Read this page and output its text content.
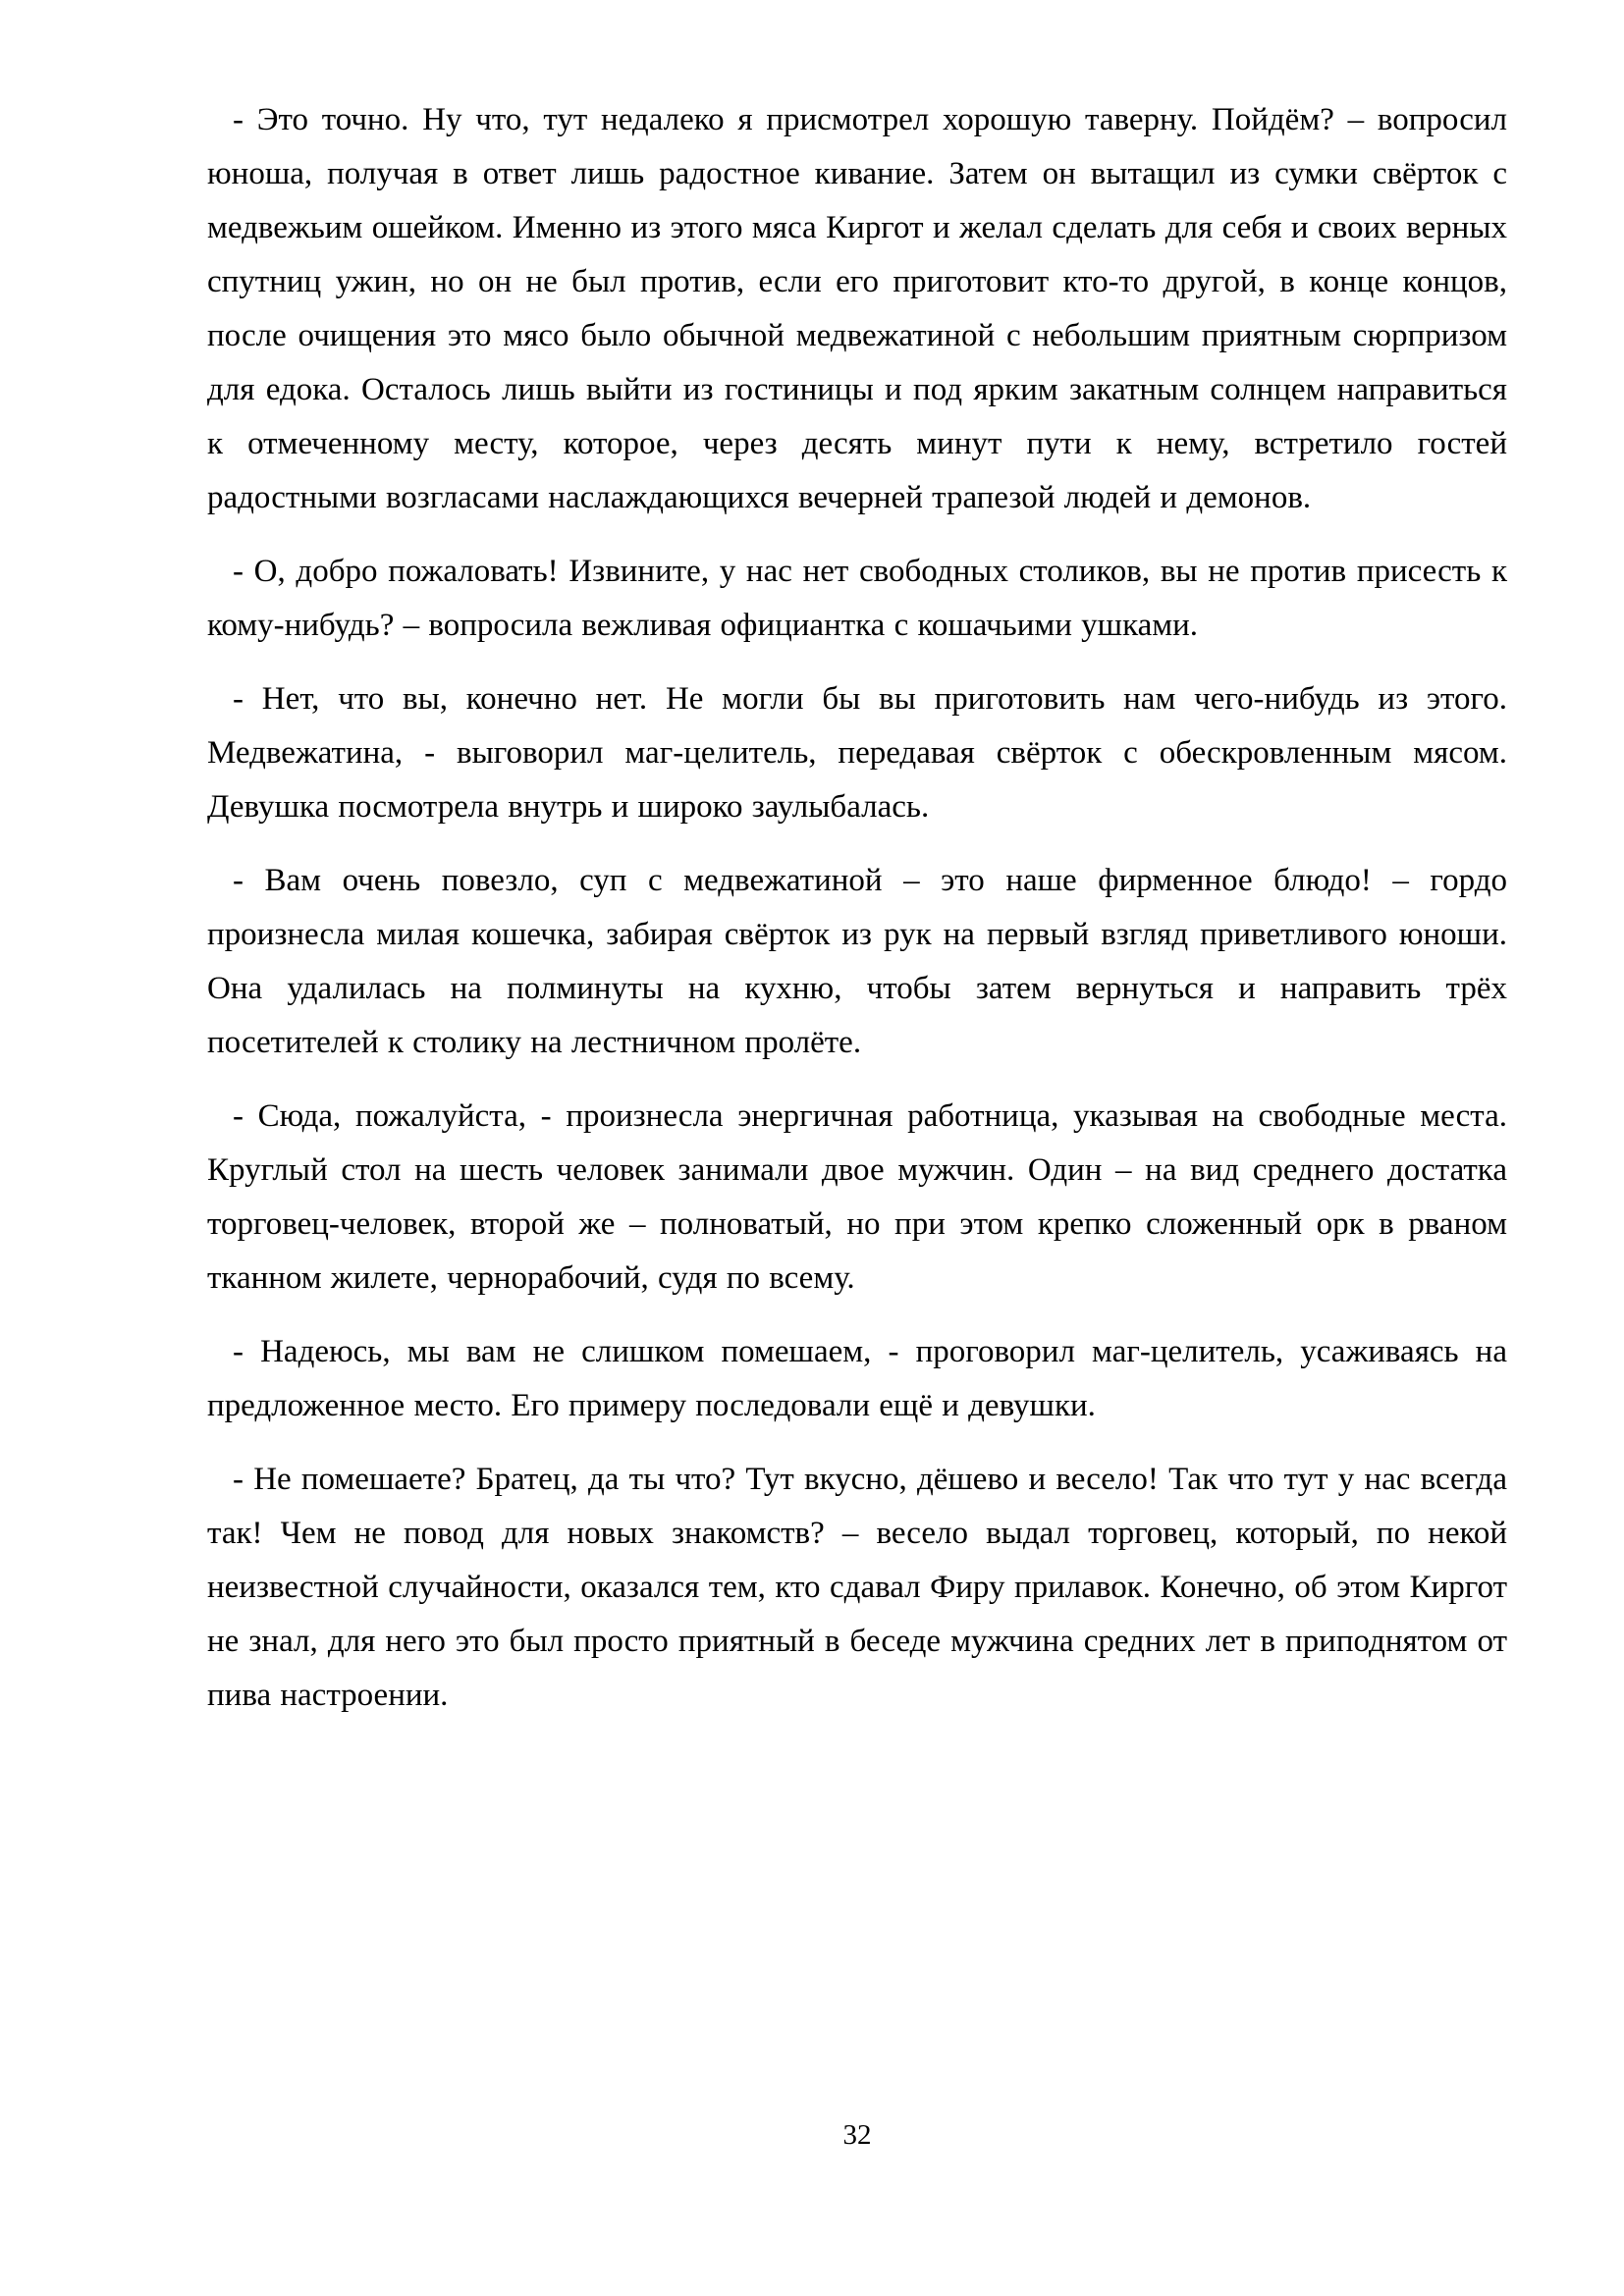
- Это точно. Ну что, тут недалеко я присмотрел хорошую таверну. Пойдём? – вопросил юноша, получая в ответ лишь радостное кивание. Затем он вытащил из сумки свёрток с медвежьим ошейком. Именно из этого мяса Киргот и желал сделать для себя и своих верных спутниц ужин, но он не был против, если его приготовит кто-то другой, в конце концов, после очищения это мясо было обычной медвежатиной с небольшим приятным сюрпризом для едока. Осталось лишь выйти из гостиницы и под ярким закатным солнцем направиться к отмеченному месту, которое, через десять минут пути к нему, встретило гостей радостными возгласами наслаждающихся вечерней трапезой людей и демонов.

- О, добро пожаловать! Извините, у нас нет свободных столиков, вы не против присесть к кому-нибудь? – вопросила вежливая официантка с кошачьими ушками.

- Нет, что вы, конечно нет. Не могли бы вы приготовить нам чего-нибудь из этого. Медвежатина, - выговорил маг-целитель, передавая свёрток с обескровленным мясом. Девушка посмотрела внутрь и широко заулыбалась.

- Вам очень повезло, суп с медвежатиной – это наше фирменное блюдо! – гордо произнесла милая кошечка, забирая свёрток из рук на первый взгляд приветливого юноши. Она удалилась на полминуты на кухню, чтобы затем вернуться и направить трёх посетителей к столику на лестничном пролёте.

- Сюда, пожалуйста, - произнесла энергичная работница, указывая на свободные места. Круглый стол на шесть человек занимали двое мужчин. Один – на вид среднего достатка торговец-человек, второй же – полноватый, но при этом крепко сложенный орк в рваном тканном жилете, чернорабочий, судя по всему.

- Надеюсь, мы вам не слишком помешаем, - проговорил маг-целитель, усаживаясь на предложенное место. Его примеру последовали ещё и девушки.

- Не помешаете? Братец, да ты что? Тут вкусно, дёшево и весело! Так что тут у нас всегда так! Чем не повод для новых знакомств? – весело выдал торговец, который, по некой неизвестной случайности, оказался тем, кто сдавал Фиру прилавок. Конечно, об этом Киргот не знал, для него это был просто приятный в беседе мужчина средних лет в приподнятом от пива настроении.

32
